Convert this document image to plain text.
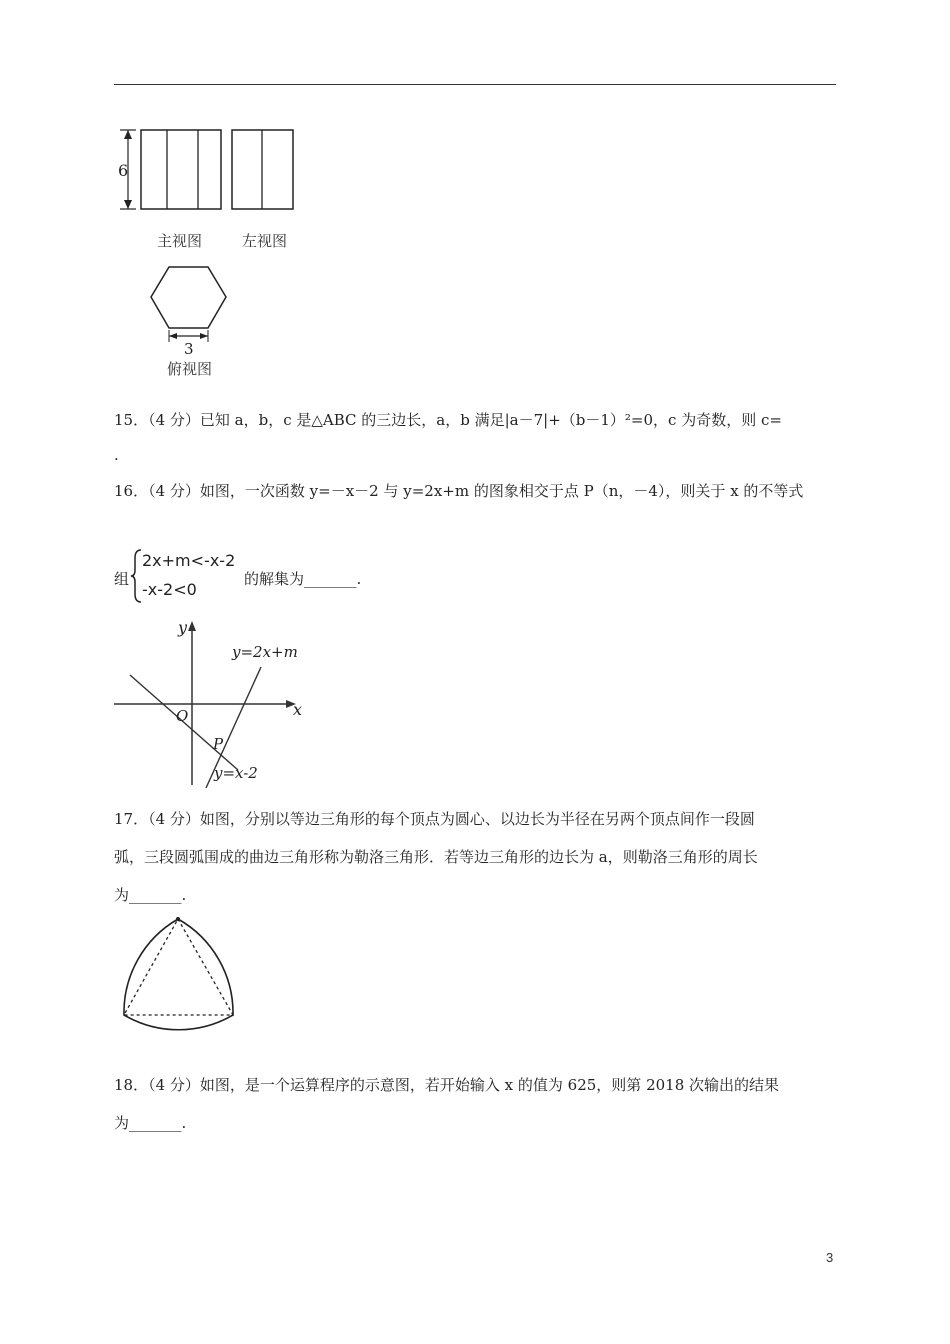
6
主视图	左视图
3
俯视图
15．（4 分）已知 a，b，c 是△ABC 的三边长，a，b 满足|a－7|+（b－1）²=0，c 为奇数，则 c=
.
16．（4 分）如图，一次函数 y=－x－2 与 y=2x+m 的图象相交于点 P（n，－4），则关于 x 的不等式
组
2x+m<-x-2
-x-2<0
的解集为_______.
y
x
O
P
y=2x+m
y=x-2
17．（4 分）如图，分别以等边三角形的每个顶点为圆心、以边长为半径在另两个顶点间作一段圆
弧，三段圆弧围成的曲边三角形称为勒洛三角形．若等边三角形的边长为 a，则勒洛三角形的周长
为_______.
18．（4 分）如图，是一个运算程序的示意图，若开始输入 x 的值为 625，则第 2018 次输出的结果
为_______.
3
